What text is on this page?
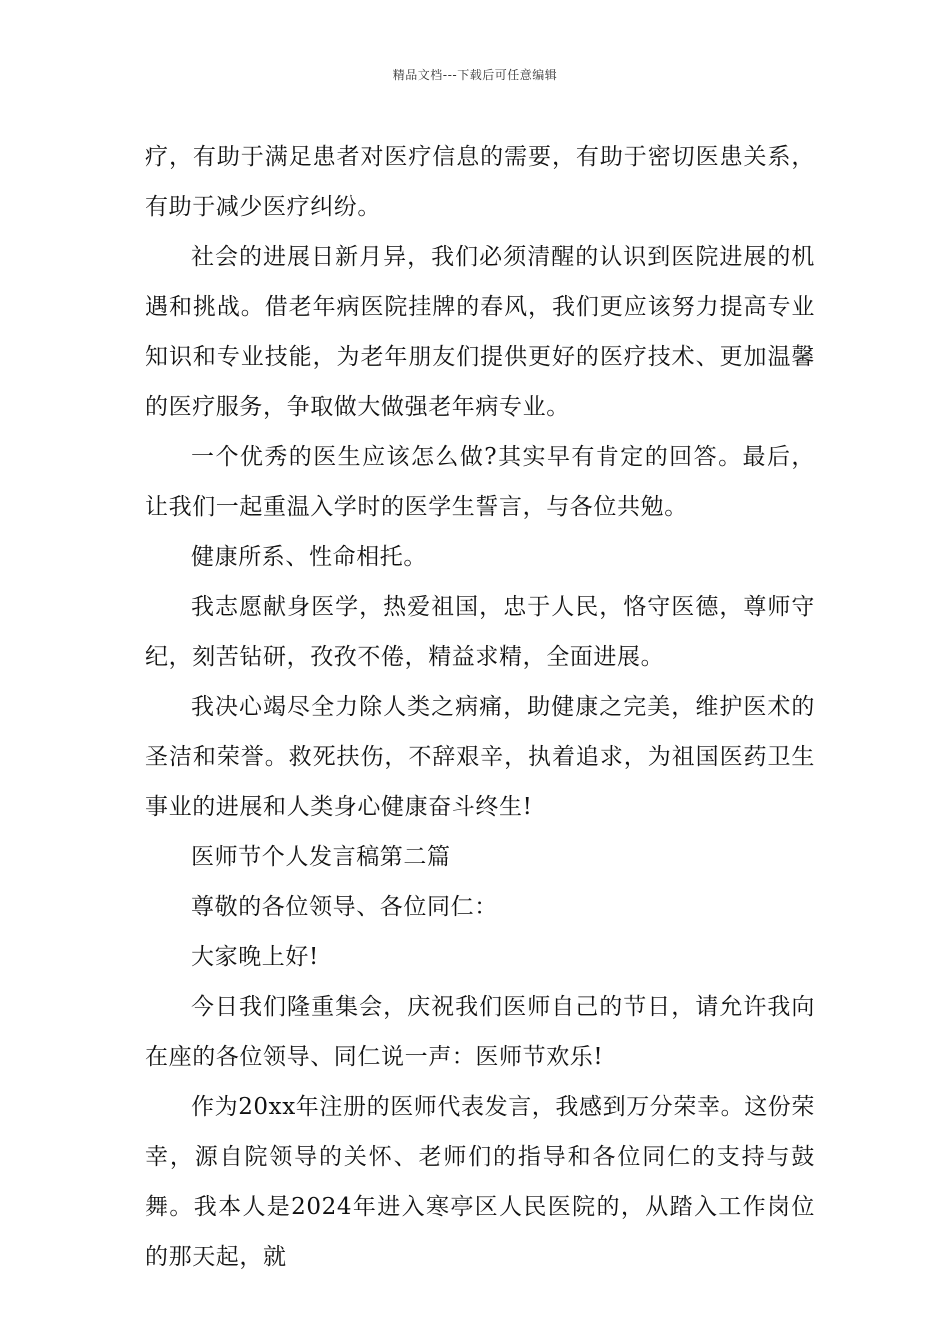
精品文档---下载后可任意编辑

疗，有助于满足患者对医疗信息的需要，有助于密切医患关系，有助于减少医疗纠纷。

社会的进展日新月异，我们必须清醒的认识到医院进展的机遇和挑战。借老年病医院挂牌的春风，我们更应该努力提高专业知识和专业技能，为老年朋友们提供更好的医疗技术、更加温馨的医疗服务，争取做大做强老年病专业。

一个优秀的医生应该怎么做?其实早有肯定的回答。最后，让我们一起重温入学时的医学生誓言，与各位共勉。

健康所系、性命相托。

我志愿献身医学，热爱祖国，忠于人民，恪守医德，尊师守纪，刻苦钻研，孜孜不倦，精益求精，全面进展。

我决心竭尽全力除人类之病痛，助健康之完美，维护医术的圣洁和荣誉。救死扶伤，不辞艰辛，执着追求，为祖国医药卫生事业的进展和人类身心健康奋斗终生!

医师节个人发言稿第二篇

尊敬的各位领导、各位同仁：

大家晚上好!

今日我们隆重集会，庆祝我们医师自己的节日，请允许我向在座的各位领导、同仁说一声：医师节欢乐!

作为20xx年注册的医师代表发言，我感到万分荣幸。这份荣幸，源自院领导的关怀、老师们的指导和各位同仁的支持与鼓舞。我本人是2024年进入寒亭区人民医院的，从踏入工作岗位的那天起，就
